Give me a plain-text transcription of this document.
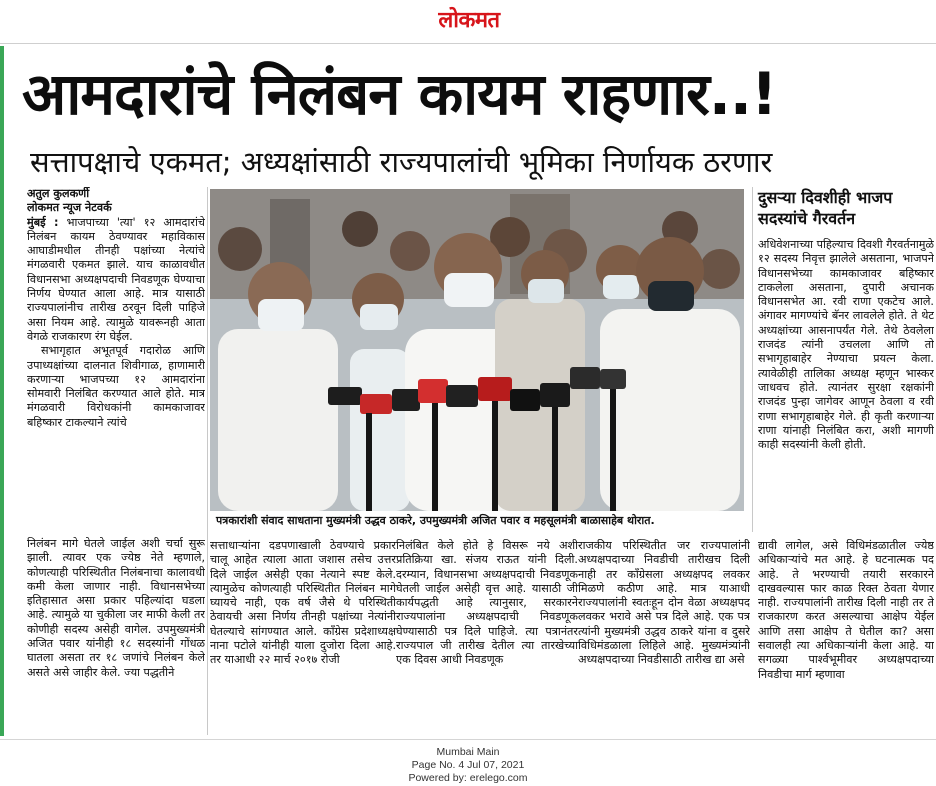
लोकमत
आमदारांचे निलंबन कायम राहणार..!
सत्तापक्षाचे एकमत; अध्यक्षांसाठी राज्यपालांची भूमिका निर्णायक ठरणार

अतुल कुलकर्णी

लोकमत न्यूज नेटवर्क

मुंबई : भाजपाच्या 'त्या' १२ आमदारांचे निलंबन कायम ठेवण्यावर महाविकास आघाडीमधील तीनही पक्षांच्या नेत्यांचे मंगळवारी एकमत झाले. याच काळावधीत विधानसभा अध्यक्षपदाची निवडणूक घेण्याचा निर्णय घेण्यात आला आहे. मात्र यासाठी राज्यपालांनीच तारीख ठरवून दिली पाहिजे असा नियम आहे. त्यामुळे यावरूनही आता वेगळे राजकारण रंग घेईल.

सभागृहात अभूतपूर्व गदारोळ आणि उपाध्यक्षांच्या दालनात शिवीगाळ, हाणामारी करणाऱ्या भाजपच्या १२ आमदारांना सोमवारी निलंबित करण्यात आले होते. मात्र मंगळवारी विरोधकांनी कामकाजावर बहिष्कार टाकल्याने त्यांचे

निलंबन मागे घेतले जाईल अशी चर्चा सुरू झाली. त्यावर एक ज्येष्ठ नेते म्हणाले, कोणत्याही परिस्थितीत निलंबनाचा कालावधी कमी केला जाणार नाही. विधानसभेच्या इतिहासात असा प्रकार पहिल्यांदा घडला आहे. त्यामुळे या चुकीला जर माफी केली तर कोणीही सदस्य असेही वागेल. उपमुख्यमंत्री अजित पवार यांनीही १८ सदस्यांनी गोंधळ घातला असता तर १८ जणांचे निलंबन केले असते असे जाहीर केले. ज्या पद्धतीने

पत्रकारांशी संवाद साधताना मुख्यमंत्री उद्धव ठाकरे, उपमुख्यमंत्री अजित पवार व महसूलमंत्री बाळासाहेब थोरात.
दुसऱ्या दिवशीही भाजप सदस्यांचे गैरवर्तन

अधिवेशनाच्या पहिल्याच दिवशी गैरवर्तनामुळे १२ सदस्य निवृत्त झालेले असताना, भाजपने विधानसभेच्या कामकाजावर बहिष्कार टाकलेला असताना, दुपारी अचानक विधानसभेत आ. रवी राणा एकटेच आले. अंगावर मागण्यांचे बॅनर लावलेले होते. ते थेट अध्यक्षांच्या आसनापर्यंत गेले. तेथे ठेवलेला राजदंड त्यांनी उचलला आणि तो सभागृहाबाहेर नेण्याचा प्रयत्न केला. त्यावेळीही तालिका अध्यक्ष म्हणून भास्कर जाधवच होते. त्यानंतर सुरक्षा रक्षकांनी राजदंड पुन्हा जागेवर आणून ठेवला व रवी राणा सभागृहाबाहेर गेले. ही कृती करणाऱ्या राणा यांनाही निलंबित करा, अशी मागणी काही सदस्यांनी केली होती.

सत्ताधाऱ्यांना दडपणाखाली ठेवण्याचे प्रकार चालू आहेत त्याला आता जशास तसेच उत्तर दिले जाईल असेही एका नेत्याने स्पष्ट केले. त्यामुळेच कोणत्याही परिस्थितीत निलंबन मागे घ्यायचे नाही, एक वर्ष जैसे थे परिस्थिती ठेवायची असा निर्णय तीनही पक्षांच्या नेत्यांनी घेतल्याचे सांगण्यात आले. काँग्रेस प्रदेशाध्यक्ष नाना पटोले यांनीही याला दुजोरा दिला आहे. तर याआधी २२ मार्च २०१७ रोजी

निलंबित केले होते हे विसरू नये अशी प्रतिक्रिया खा. संजय राऊत यांनी दिली. दरम्यान, विधानसभा अध्यक्षपदाची निवडणूक घेतली जाईल असेही वृत्त आहे. यासाठी जी कार्यपद्धती आहे त्यानुसार, सरकारने राज्यपालांना अध्यक्षपदाची निवडणूक घेण्यासाठी पत्र दिले पाहिजे. त्या पत्रानंतर राज्यपाल जी तारीख देतील त्या तारखेच्या एक दिवस आधी निवडणूक

राजकीय परिस्थितीत जर राज्यपालांनी अध्यक्षपदाच्या निवडीची तारीखच दिली नाही तर काँग्रेसला अध्यक्षपद लवकर मिळणे कठीण आहे. मात्र याआधी राज्यपालांनी स्वतःहून दोन वेळा अध्यक्षपद लवकर भरावे असे पत्र दिले आहे. एक पत्र त्यांनी मुख्यमंत्री उद्धव ठाकरे यांना व दुसरे विधिमंडळाला लिहिले आहे. मुख्यमंत्र्यांनी अध्यक्षपदाच्या निवडीसाठी तारीख द्या असे

द्यावी लागेल, असे विधिमंडळातील ज्येष्ठ अधिकाऱ्यांचे मत आहे. हे घटनात्मक पद आहे. ते भरण्याची तयारी सरकारने दाखवल्यास फार काळ रिक्त ठेवता येणार नाही. राज्यपालांनी तारीख दिली नाही तर ते राजकारण करत असल्याचा आक्षेप येईल आणि तसा आक्षेप ते घेतील का? असा सवालही त्या अधिकाऱ्यांनी केला आहे. या सगळ्या पार्श्वभूमीवर अध्यक्षपदाच्या निवडीचा मार्ग म्हणावा

Mumbai Main
Page No. 4 Jul 07, 2021
Powered by: erelego.com
